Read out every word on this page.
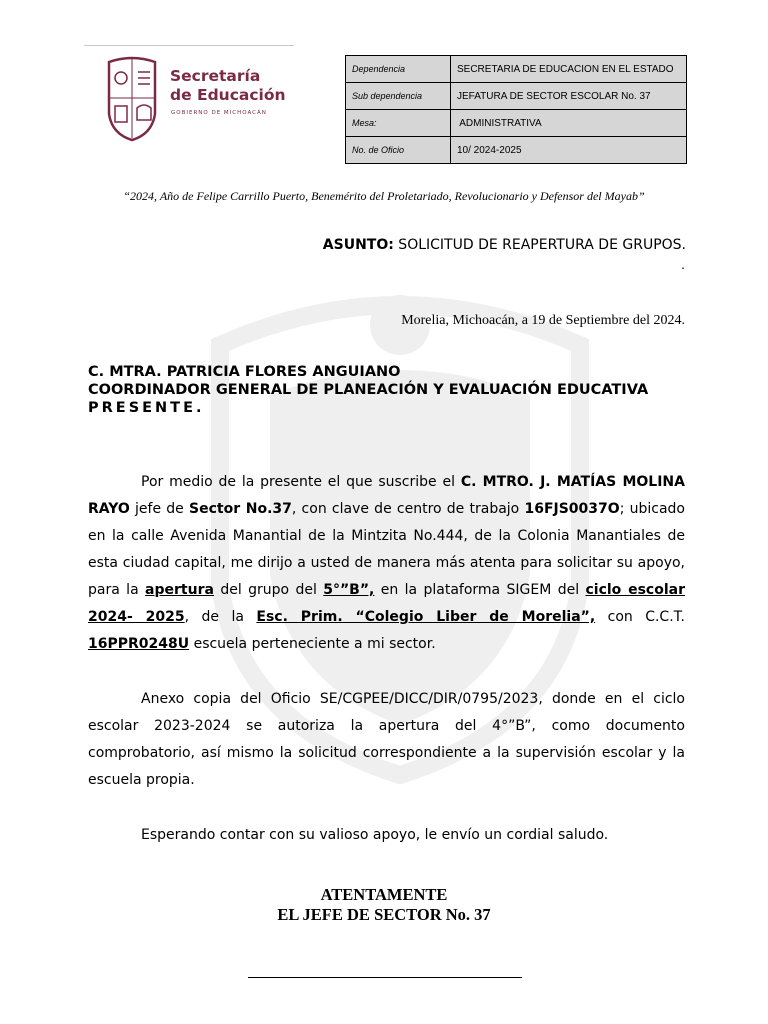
Secretaría
de Educación
GOBIERNO DE MICHOACÁN
Dependencia	SECRETARIA DE EDUCACION EN EL ESTADO
Sub dependencia	JEFATURA DE SECTOR ESCOLAR No. 37
Mesa:	ADMINISTRATIVA
No. de Oficio	10/ 2024-2025
“2024, Año de Felipe Carrillo Puerto, Benemérito del Proletariado, Revolucionario y Defensor del Mayab”
ASUNTO: SOLICITUD DE REAPERTURA DE GRUPOS.
.
Morelia, Michoacán, a 19 de Septiembre del 2024.
C. MTRA. PATRICIA FLORES ANGUIANO
COORDINADOR GENERAL DE PLANEACIÓN Y EVALUACIÓN EDUCATIVA
PRESENTE.
Por medio de la presente el que suscribe el C. MTRO. J. MATÍAS MOLINA RAYO jefe de Sector No.37, con clave de centro de trabajo 16FJS0037O; ubicado en la calle Avenida Manantial de la Mintzita No.444, de la Colonia Manantiales de esta ciudad capital, me dirijo a usted de manera más atenta para solicitar su apoyo, para la apertura del grupo del 5°”B”, en la plataforma SIGEM del ciclo escolar 2024- 2025, de la Esc. Prim. “Colegio Liber de Morelia”, con C.C.T. 16PPR0248U escuela perteneciente a mi sector.
Anexo copia del Oficio SE/CGPEE/DICC/DIR/0795/2023, donde en el ciclo escolar 2023-2024 se autoriza la apertura del 4°”B”, como documento comprobatorio, así mismo la solicitud correspondiente a la supervisión escolar y la escuela propia.
Esperando contar con su valioso apoyo, le envío un cordial saludo.
ATENTAMENTE
EL JEFE DE SECTOR No. 37
